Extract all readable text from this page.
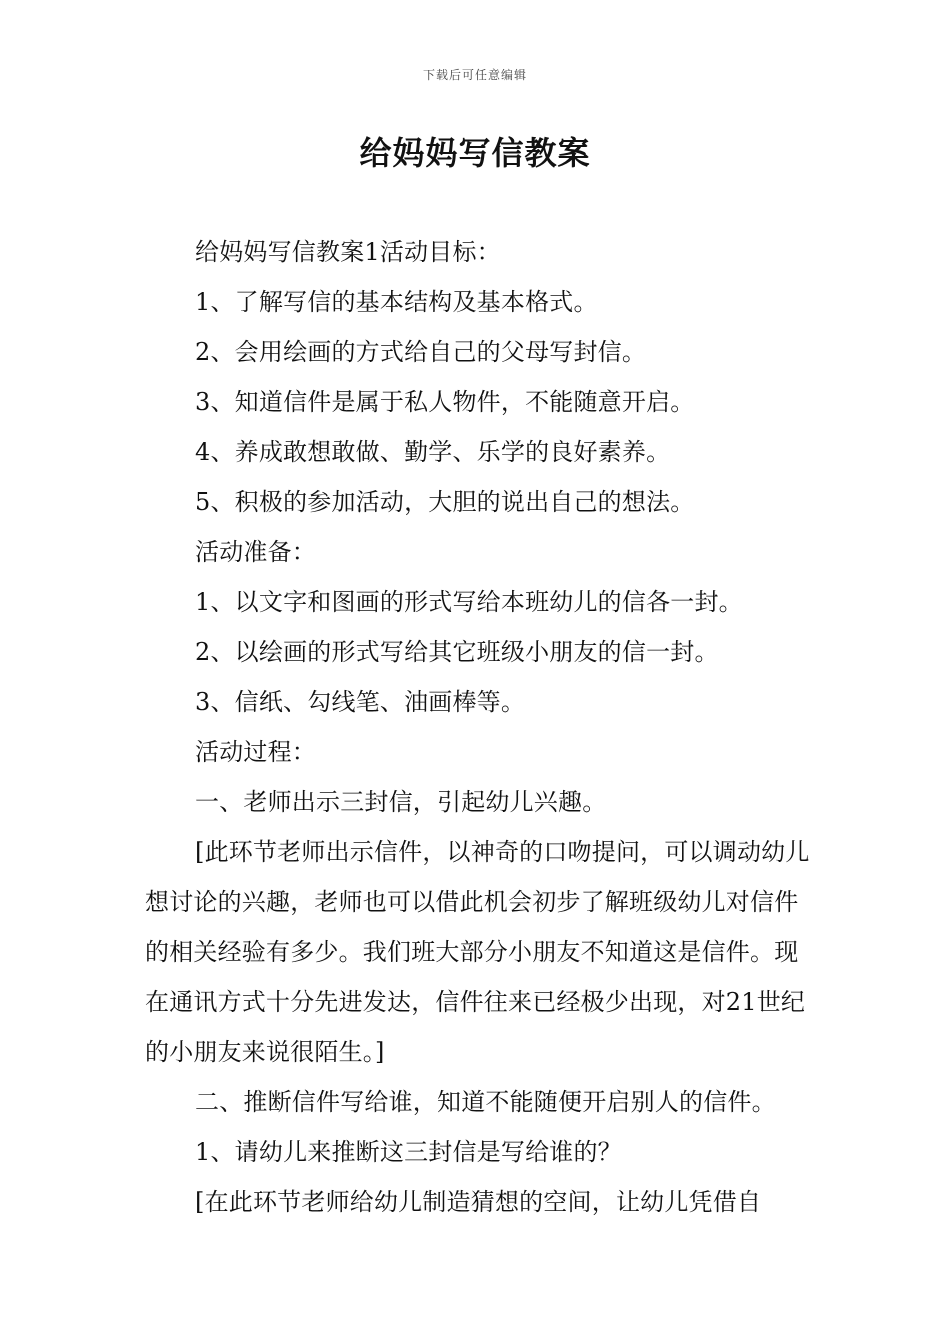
下载后可任意编辑
给妈妈写信教案

给妈妈写信教案1活动目标：

1、了解写信的基本结构及基本格式。

2、会用绘画的方式给自己的父母写封信。

3、知道信件是属于私人物件，不能随意开启。

4、养成敢想敢做、勤学、乐学的良好素养。

5、积极的参加活动，大胆的说出自己的想法。

活动准备：

1、以文字和图画的形式写给本班幼儿的信各一封。

2、以绘画的形式写给其它班级小朋友的信一封。

3、信纸、勾线笔、油画棒等。

活动过程：

一、老师出示三封信，引起幼儿兴趣。

[此环节老师出示信件，以神奇的口吻提问，可以调动幼儿想讨论的兴趣，老师也可以借此机会初步了解班级幼儿对信件的相关经验有多少。我们班大部分小朋友不知道这是信件。现在通讯方式十分先进发达，信件往来已经极少出现，对21世纪的小朋友来说很陌生。]

二、推断信件写给谁，知道不能随便开启别人的信件。

1、请幼儿来推断这三封信是写给谁的？

[在此环节老师给幼儿制造猜想的空间，让幼儿凭借自
